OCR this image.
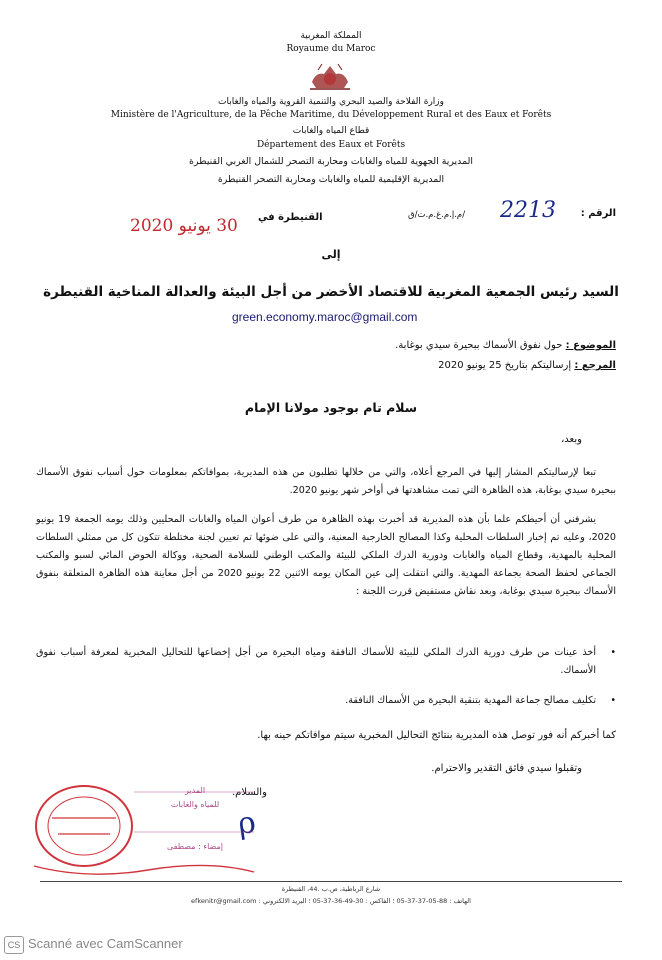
المملكة المغربية
Royaume du Maroc
وزارة الفلاحة والصيد البحري والتنمية القروية والمياه والغابات
Ministère de l'Agriculture, de la Pêche Maritime, du Développement Rural et des Eaux et Forêts
قطاع المياه والغابات
Département des Eaux et Forêts
المديرية الجهوية للمياه والغابات ومحاربة التصحر للشمال الغربي القنيطرة
المديرية الإقليمية للمياه والغابات ومحاربة التصحر القنيطرة
الرقم :
2213
/م.إ.م.غ.م.ت/ق
القنيطرة في
30 يونيو 2020
إلى
السيد رئيس الجمعية المغربية للاقتصاد الأخضر من أجل البيئة والعدالة المناخية القنيطرة
green.economy.maroc@gmail.com
الموضوع : حول نفوق الأسماك ببحيرة سيدي بوغابة.
المرجع : إرساليتكم بتاريخ 25 يونيو 2020
سلام تام بوجود مولانا الإمام
وبعد،
تبعا لإرساليتكم المشار إليها في المرجع أعلاه، والتي من خلالها تطلبون من هذه المديرية، بموافاتكم بمعلومات حول أسباب نفوق الأسماك ببحيرة سيدي بوغابة، هذه الظاهرة التي تمت مشاهدتها في أواخر شهر يونيو 2020.
يشرفني أن أحيطكم علما بأن هذه المديرية قد أخبرت بهذه الظاهرة من طرف أعوان المياه والغابات المحليين وذلك يومه الجمعة 19 يونيو 2020، وعليه تم إخبار السلطات المحلية وكذا المصالح الخارجية المعنية، والتي على ضوئها تم تعيين لجنة مختلطة تتكون كل من ممثلي السلطات المحلية بالمهدية، وقطاع المياه والغابات ودورية الدرك الملكي للبيئة والمكتب الوطني للسلامة الصحية، ووكالة الحوض المائي لسبو والمكتب الجماعي لحفظ الصحة بجماعة المهدية. والتي انتقلت إلى عين المكان يومه الاثنين 22 يونيو 2020 من أجل معاينة هذه الظاهرة المتعلقة بنفوق الأسماك ببحيرة سيدي بوغابة، وبعد نقاش مستفيض قررت اللجنة :
•
أخذ عينات من طرف دورية الدرك الملكي للبيئة للأسماك النافقة ومياه البحيرة من أجل إخضاعها للتحاليل المخبرية لمعرفة أسباب نفوق الأسماك.
•
تكليف مصالح جماعة المهدية بتنقية البحيرة من الأسماك النافقة.
كما أخبركم أنه فور توصل هذه المديرية بنتائج التحاليل المخبرية سيتم موافاتكم حينه بها.
وتقبلوا سيدي فائق التقدير والاحترام.
والسلام.
ρ
المدير
للمياه والغابات
إمضاء : مصطفى
شارع الرباطية، ص.ب .44، القنيطرة
الهاتف : 88-05-37-37-05 ؛ الفاكس : 30-49-36-37-05 ؛ البريد الالكتروني : efkenitr@gmail.com
CS Scanné avec CamScanner
